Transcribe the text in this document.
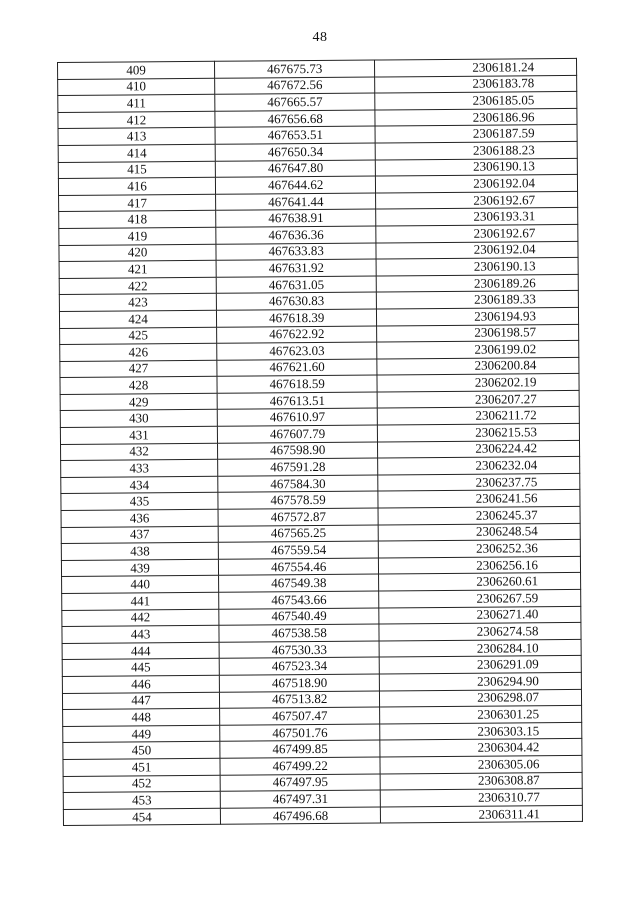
48
409	467675.73	2306181.24
410	467672.56	2306183.78
411	467665.57	2306185.05
412	467656.68	2306186.96
413	467653.51	2306187.59
414	467650.34	2306188.23
415	467647.80	2306190.13
416	467644.62	2306192.04
417	467641.44	2306192.67
418	467638.91	2306193.31
419	467636.36	2306192.67
420	467633.83	2306192.04
421	467631.92	2306190.13
422	467631.05	2306189.26
423	467630.83	2306189.33
424	467618.39	2306194.93
425	467622.92	2306198.57
426	467623.03	2306199.02
427	467621.60	2306200.84
428	467618.59	2306202.19
429	467613.51	2306207.27
430	467610.97	2306211.72
431	467607.79	2306215.53
432	467598.90	2306224.42
433	467591.28	2306232.04
434	467584.30	2306237.75
435	467578.59	2306241.56
436	467572.87	2306245.37
437	467565.25	2306248.54
438	467559.54	2306252.36
439	467554.46	2306256.16
440	467549.38	2306260.61
441	467543.66	2306267.59
442	467540.49	2306271.40
443	467538.58	2306274.58
444	467530.33	2306284.10
445	467523.34	2306291.09
446	467518.90	2306294.90
447	467513.82	2306298.07
448	467507.47	2306301.25
449	467501.76	2306303.15
450	467499.85	2306304.42
451	467499.22	2306305.06
452	467497.95	2306308.87
453	467497.31	2306310.77
454	467496.68	2306311.41
